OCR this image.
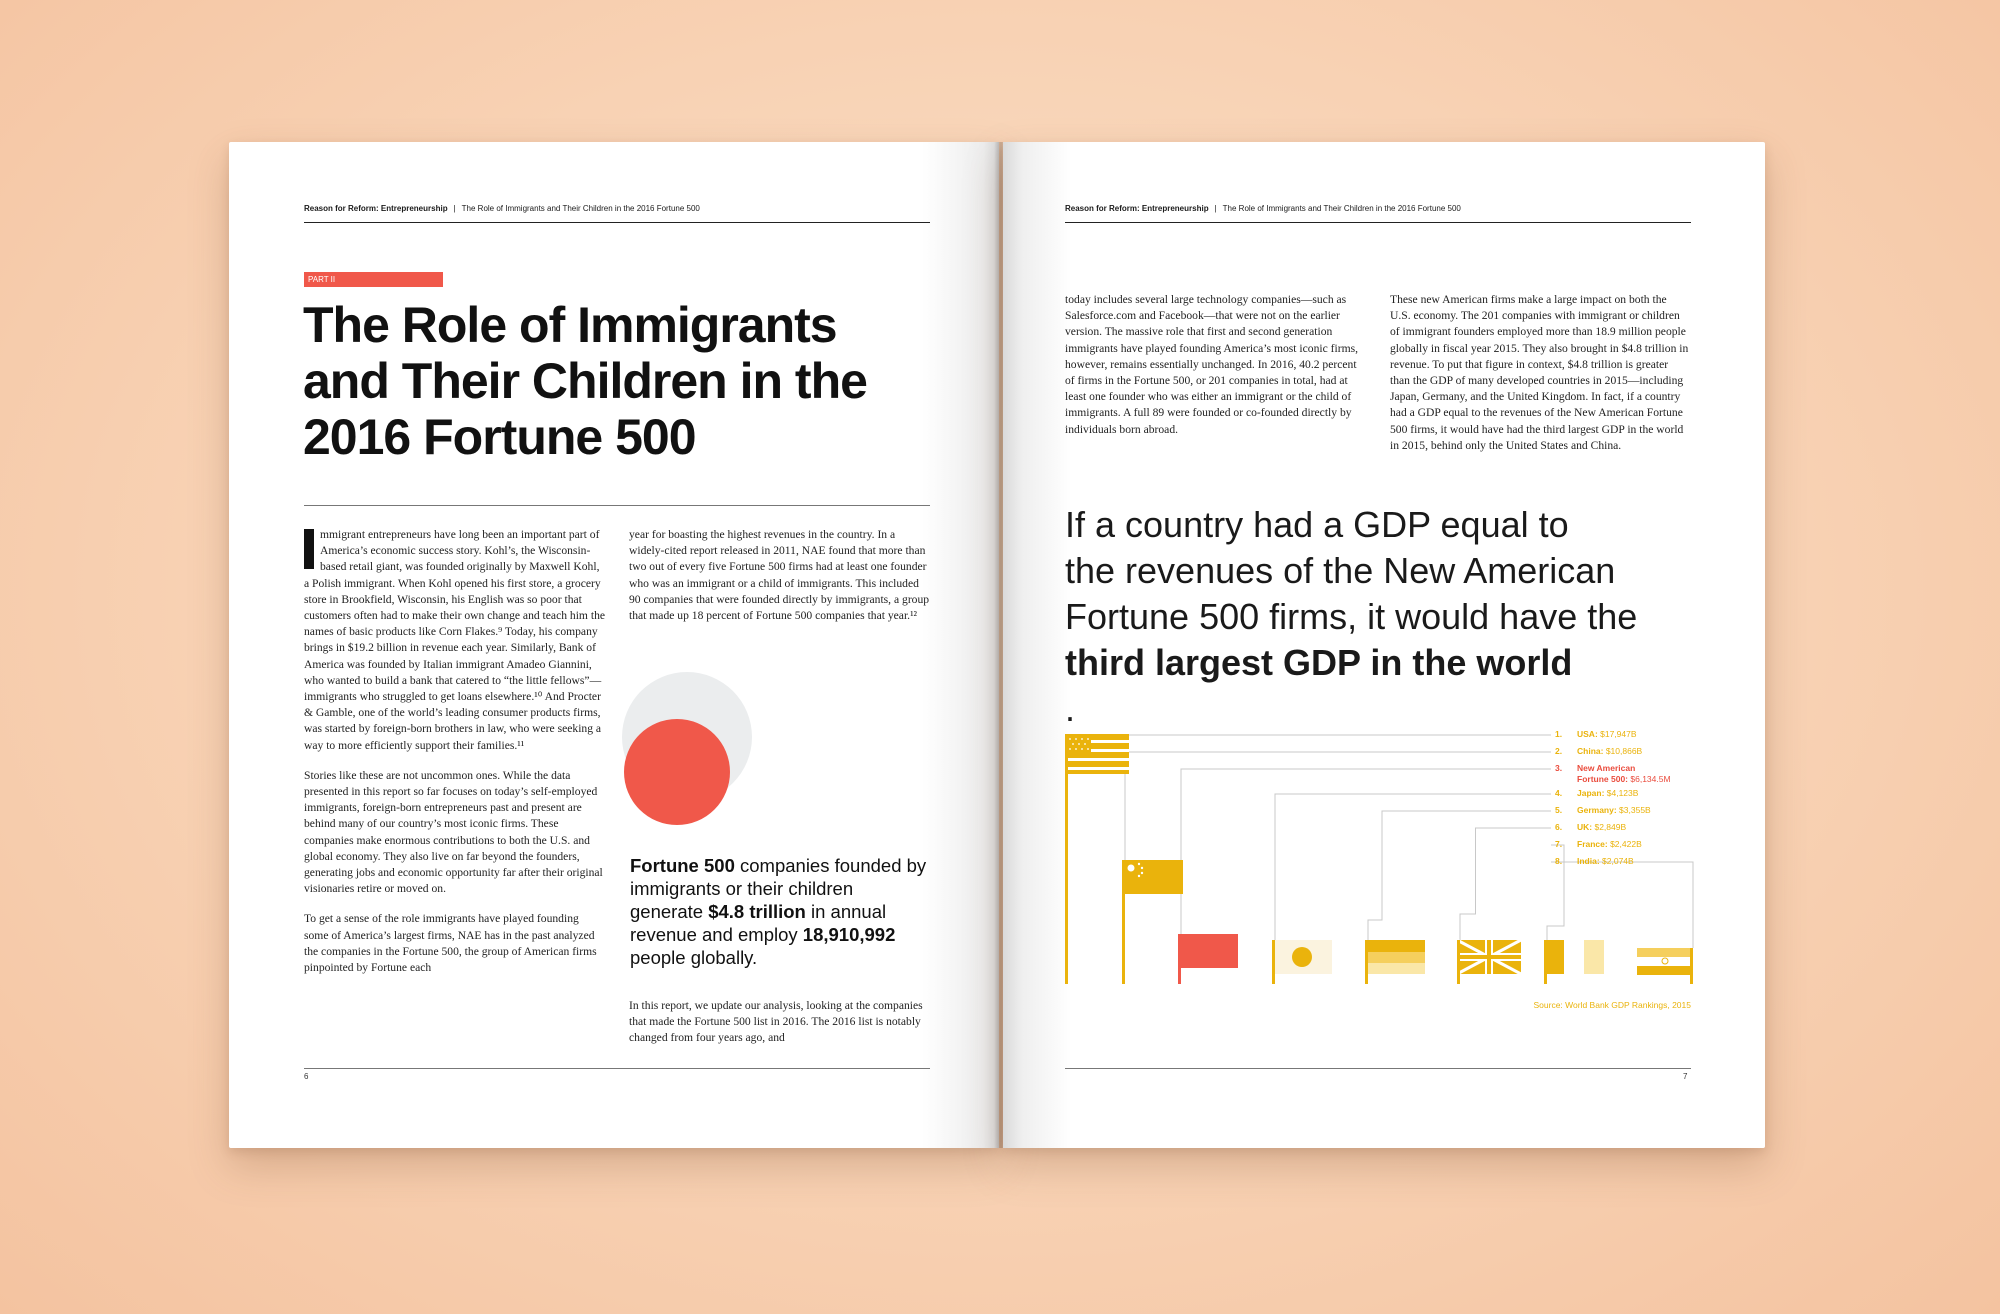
Reason for Reform: Entrepreneurship | The Role of Immigrants and Their Children in the 2016 Fortune 500
PART II
The Role of Immigrants
and Their Children in the
2016 Fortune 500

mmigrant entrepreneurs have long been an important part of America’s economic success story. Kohl’s, the Wisconsin-based retail giant, was founded originally by Maxwell Kohl, a Polish immigrant. When Kohl opened his first store, a grocery store in Brookfield, Wisconsin, his English was so poor that customers often had to make their own change and teach him the names of basic products like Corn Flakes.⁹ Today, his company brings in $19.2 billion in revenue each year. Similarly, Bank of America was founded by Italian immigrant Amadeo Giannini, who wanted to build a bank that catered to “the little fellows”—immigrants who struggled to get loans elsewhere.¹⁰ And Procter & Gamble, one of the world’s leading consumer products firms, was started by foreign-born brothers in law, who were seeking a way to more efficiently support their families.¹¹

Stories like these are not uncommon ones. While the data presented in this report so far focuses on today’s self-employed immigrants, foreign-born entrepreneurs past and present are behind many of our country’s most iconic firms. These companies make enormous contributions to both the U.S. and global economy. They also live on far beyond the founders, generating jobs and economic opportunity far after their original visionaries retire or moved on.

To get a sense of the role immigrants have played founding some of America’s largest firms, NAE has in the past analyzed the companies in the Fortune 500, the group of American firms pinpointed by Fortune each

year for boasting the highest revenues in the country. In a widely-cited report released in 2011, NAE found that more than two out of every five Fortune 500 firms had at least one founder who was an immigrant or a child of immigrants. This included 90 companies that were founded directly by immigrants, a group that made up 18 percent of Fortune 500 companies that year.¹²

Fortune 500 companies founded by immigrants or their children generate $4.8 trillion in annual revenue and employ 18,910,992 people globally.

In this report, we update our analysis, looking at the companies that made the Fortune 500 list in 2016. The 2016 list is notably changed from four years ago, and

6
Reason for Reform: Entrepreneurship | The Role of Immigrants and Their Children in the 2016 Fortune 500

today includes several large technology companies—such as Salesforce.com and Facebook—that were not on the earlier version. The massive role that first and second generation immigrants have played founding America’s most iconic firms, however, remains essentially unchanged. In 2016, 40.2 percent of firms in the Fortune 500, or 201 companies in total, had at least one founder who was either an immigrant or the child of immigrants. A full 89 were founded or co-founded directly by individuals born abroad.

These new American firms make a large impact on both the U.S. economy. The 201 companies with immigrant or children of immigrant founders employed more than 18.9 million people globally in fiscal year 2015. They also brought in $4.8 trillion in revenue. To put that figure in context, $4.8 trillion is greater than the GDP of many developed countries in 2015—including Japan, Germany, and the United Kingdom. In fact, if a country had a GDP equal to the revenues of the New American Fortune 500 firms, it would have had the third largest GDP in the world in 2015, behind only the United States and China.

If a country had a GDP equal to
the revenues of the New American
Fortune 500 firms, it would have the
third largest GDP in the world
.
1. USA: $17,947B
2. China: $10,866B
3. New American
Fortune 500: $6,134.5M
4. Japan: $4,123B
5. Germany: $3,355B
6. UK: $2,849B
7. France: $2,422B
8. India: $2,074B
Source: World Bank GDP Rankings, 2015
7
